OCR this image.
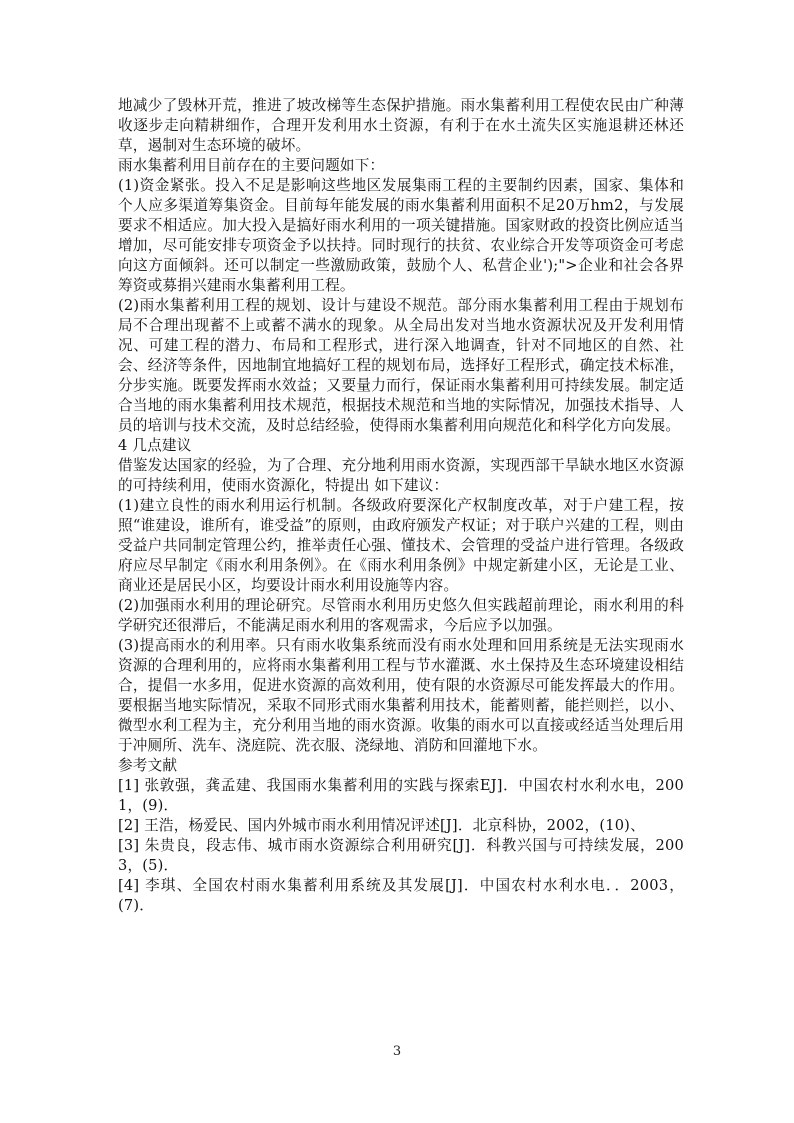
地减少了毁林开荒，推进了坡改梯等生态保护措施。雨水集蓄利用工程使农民由广种薄收逐步走向精耕细作，合理开发利用水土资源，有利于在水土流失区实施退耕还林还草，遏制对生态环境的破坏。

雨水集蓄利用目前存在的主要问题如下：

(1)资金紧张。投入不足是影响这些地区发展集雨工程的主要制约因素，国家、集体和个人应多渠道筹集资金。目前每年能发展的雨水集蓄利用面积不足20万hm2，与发展要求不相适应。加大投入是搞好雨水利用的一项关键措施。国家财政的投资比例应适当增加，尽可能安排专项资金予以扶持。同时现行的扶贫、农业综合开发等项资金可考虑向这方面倾斜。还可以制定一些激励政策，鼓励个人、私营企业');">企业和社会各界筹资或募捐兴建雨水集蓄利用工程。

(2)雨水集蓄利用工程的规划、设计与建设不规范。部分雨水集蓄利用工程由于规划布局不合理出现蓄不上或蓄不满水的现象。从全局出发对当地水资源状况及开发利用情况、可建工程的潜力、布局和工程形式，进行深入地调查，针对不同地区的自然、社会、经济等条件，因地制宜地搞好工程的规划布局，选择好工程形式，确定技术标准，分步实施。既要发挥雨水效益；又要量力而行，保证雨水集蓄利用可持续发展。制定适合当地的雨水集蓄利用技术规范，根据技术规范和当地的实际情况，加强技术指导、人员的培训与技术交流，及时总结经验，使得雨水集蓄利用向规范化和科学化方向发展。

4 几点建议

借鉴发达国家的经验，为了合理、充分地利用雨水资源，实现西部干旱缺水地区水资源的可持续利用，使雨水资源化，特提出 如下建议：

(1)建立良性的雨水利用运行机制。各级政府要深化产权制度改革，对于户建工程，按照“谁建设，谁所有，谁受益”的原则，由政府颁发产权证；对于联户兴建的工程，则由受益户共同制定管理公约，推举责任心强、懂技术、会管理的受益户进行管理。各级政府应尽早制定《雨水利用条例》。在《雨水利用条例》中规定新建小区，无论是工业、商业还是居民小区，均要设计雨水利用设施等内容。

(2)加强雨水利用的理论研究。尽管雨水利用历史悠久但实践超前理论，雨水利用的科学研究还很滞后，不能满足雨水利用的客观需求，今后应予以加强。

(3)提高雨水的利用率。只有雨水收集系统而没有雨水处理和回用系统是无法实现雨水资源的合理利用的，应将雨水集蓄利用工程与节水灌溉、水土保持及生态环境建设相结合，提倡一水多用，促进水资源的高效利用，使有限的水资源尽可能发挥最大的作用。要根据当地实际情况，采取不同形式雨水集蓄利用技术，能蓄则蓄，能拦则拦，以小、微型水利工程为主，充分利用当地的雨水资源。收集的雨水可以直接或经适当处理后用于冲厕所、洗车、浇庭院、洗衣服、浇绿地、消防和回灌地下水。

参考文献

[1] 张敦强，龚孟建、我国雨水集蓄利用的实践与探索EJ]．中国农村水利水电，2001，(9)．

[2] 王浩，杨爱民、国内外城市雨水利用情况评述[J]．北京科协，2002，(10)、

[3] 朱贵良，段志伟、城市雨水资源综合利用研究[J]．科教兴国与可持续发展，2003，(5)．

[4] 李琪、全国农村雨水集蓄利用系统及其发展[J]．中国农村水利水电．．2003，(7)．

3
